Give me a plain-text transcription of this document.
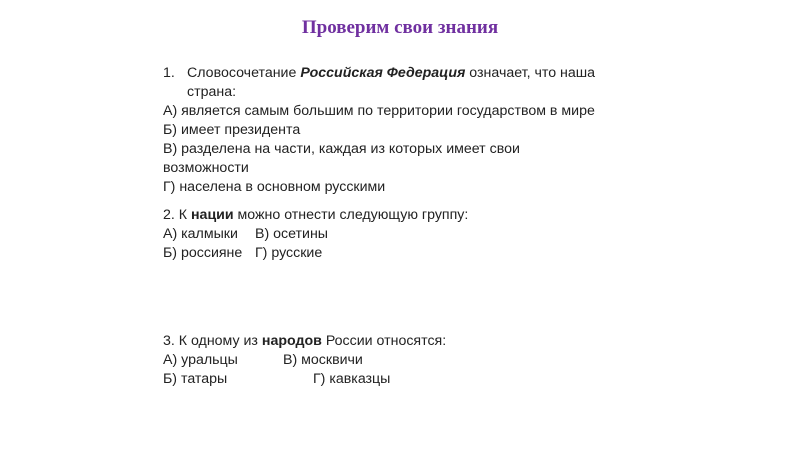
Проверим свои знания
1. Словосочетание Российская Федерация означает, что наша
страна:
А) является самым большим по территории государством в мире
Б) имеет президента
В) разделена на части, каждая из которых имеет свои
возможности
Г) населена в основном русскими
2. К нации можно отнести следующую группу:
А) калмыки	В) осетины
Б) россияне Г) русские
3. К одному из народов России относятся:
А) уральцы	В) москвичи
Б) татары	Г) кавказцы
